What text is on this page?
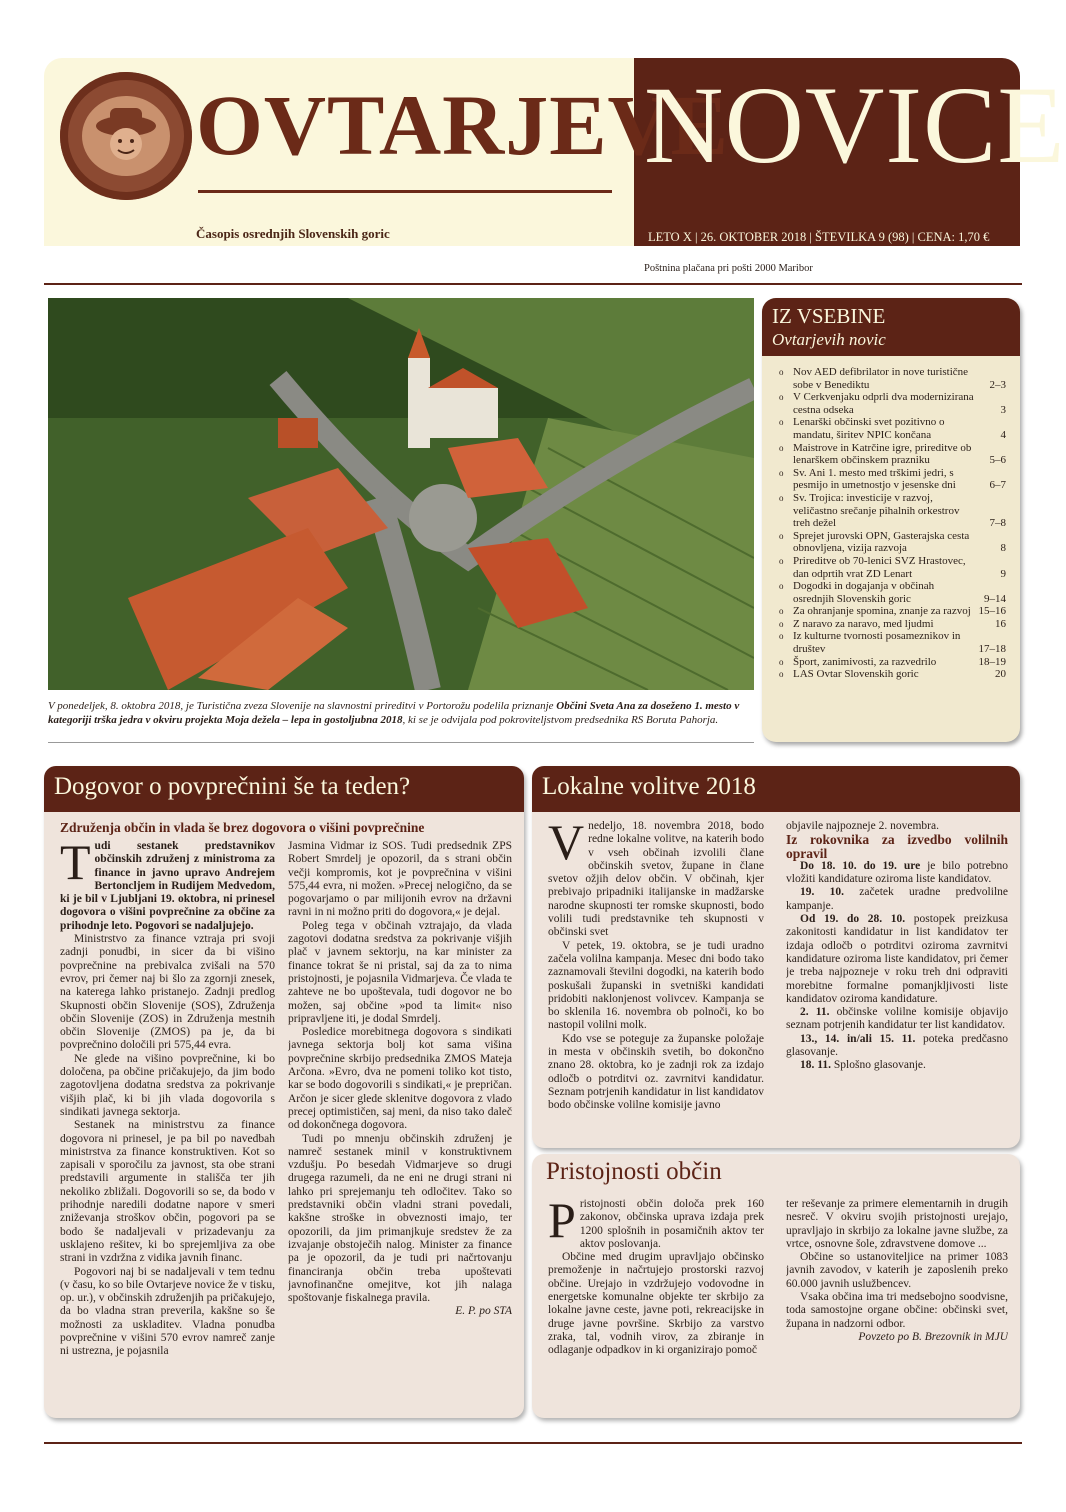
OVTARJEVE
Časopis osrednjih Slovenskih goric
NOVICE
LETO X | 26. OKTOBER 2018 | ŠTEVILKA 9 (98) | CENA: 1,70 €
Poštnina plačana pri pošti 2000 Maribor
V ponedeljek, 8. oktobra 2018, je Turistična zveza Slovenije na slavnostni prireditvi v Portorožu podelila priznanje Občini Sveta Ana za doseženo 1. mesto v kategoriji trška jedra v okviru projekta Moja dežela – lepa in gostoljubna 2018, ki se je odvijala pod pokroviteljstvom predsednika RS Boruta Pahorja.
IZ VSEBINE
Ovtarjevih novic
o Nov AED defibrilator in nove turistične sobe v Benediktu	2–3
o V Cerkvenjaku odprli dva modernizirana cestna odseka	3
o Lenarški občinski svet pozitivno o mandatu, širitev NPIC končana	4
o Maistrove in Katrčine igre, prireditve ob lenarškem občinskem prazniku	5–6
o Sv. Ani 1. mesto med trškimi jedri, s pesmijo in umetnostjo v jesenske dni	6–7
o Sv. Trojica: investicije v razvoj, veličastno srečanje pihalnih orkestrov treh dežel	7–8
o Sprejet jurovski OPN, Gasterajska cesta obnovljena, vizija razvoja	8
o Prireditve ob 70-lenici SVZ Hrastovec, dan odprtih vrat ZD Lenart	9
o Dogodki in dogajanja v občinah osrednjih Slovenskih goric	9–14
o Za ohranjanje spomina, znanje za razvoj 15–16
o Z naravo za naravo, med ljudmi	16
o Iz kulturne tvornosti posameznikov in društev	17–18
o Šport, zanimivosti, za razvedrilo	18–19
o LAS Ovtar Slovenskih goric	20
Dogovor o povprečnini še ta teden?
Združenja občin in vlada še brez dogovora o višini povprečnine

Tudi sestanek predstavnikov občinskih združenj z ministroma za finance in javno upravo Andrejem Bertoncljem in Rudijem Medvedom, ki je bil v Ljubljani 19. oktobra, ni prinesel dogovora o višini povprečnine za občine za prihodnje leto. Pogovori se nadaljujejo.

Ministrstvo za finance vztraja pri svoji zadnji ponudbi, in sicer da bi višino povprečnine na prebivalca zvišali na 570 evrov, pri čemer naj bi šlo za zgornji znesek, na katerega lahko pristanejo. Zadnji predlog Skupnosti občin Slovenije (SOS), Združenja občin Slovenije (ZOS) in Združenja mestnih občin Slovenije (ZMOS) pa je, da bi povprečnino določili pri 575,44 evra.

Ne glede na višino povprečnine, ki bo določena, pa občine pričakujejo, da jim bodo zagotovljena dodatna sredstva za pokrivanje višjih plač, ki bi jih vlada dogovorila s sindikati javnega sektorja.

Sestanek na ministrstvu za finance dogovora ni prinesel, je pa bil po navedbah ministrstva za finance konstruktiven. Kot so zapisali v sporočilu za javnost, sta obe strani predstavili argumente in stališča ter jih nekoliko zbližali. Dogovorili so se, da bodo v prihodnje naredili dodatne napore v smeri zniževanja stroškov občin, pogovori pa se bodo še nadaljevali v prizadevanju za usklajeno rešitev, ki bo sprejemljiva za obe strani in vzdržna z vidika javnih financ.

Pogovori naj bi se nadaljevali v tem tednu (v času, ko so bile Ovtarjeve novice že v tisku, op. ur.), v občinskih združenjih pa pričakujejo, da bo vladna stran preverila, kakšne so še možnosti za uskladitev. Vladna ponudba povprečnine v višini 570 evrov namreč zanje ni ustrezna, je pojasnila

Jasmina Vidmar iz SOS. Tudi predsednik ZPS Robert Smrdelj je opozoril, da s strani občin večji kompromis, kot je povprečnina v višini 575,44 evra, ni možen. »Precej nelogično, da se pogovarjamo o par milijonih evrov na državni ravni in ni možno priti do dogovora,« je dejal.

Poleg tega v občinah vztrajajo, da vlada zagotovi dodatna sredstva za pokrivanje višjih plač v javnem sektorju, na kar minister za finance tokrat še ni pristal, saj da za to nima pristojnosti, je pojasnila Vidmarjeva. Če vlada te zahteve ne bo upoštevala, tudi dogovor ne bo možen, saj občine »pod ta limit« niso pripravljene iti, je dodal Smrdelj.

Posledice morebitnega dogovora s sindikati javnega sektorja bolj kot sama višina povprečnine skrbijo predsednika ZMOS Mateja Arčona. »Evro, dva ne pomeni toliko kot tisto, kar se bodo dogovorili s sindikati,« je prepričan. Arčon je sicer glede sklenitve dogovora z vlado precej optimističen, saj meni, da niso tako daleč od dokončnega dogovora.

Tudi po mnenju občinskih združenj je namreč sestanek minil v konstruktivnem vzdušju. Po besedah Vidmarjeve so drugi drugega razumeli, da ne eni ne drugi strani ni lahko pri sprejemanju teh odločitev. Tako so predstavniki občin vladni strani povedali, kakšne stroške in obveznosti imajo, ter opozorili, da jim primanjkuje sredstev že za izvajanje obstoječih nalog. Minister za finance pa je opozoril, da je tudi pri načrtovanju financiranja občin treba upoštevati javnofinančne omejitve, kot jih nalaga spoštovanje fiskalnega pravila.

E. P. po STA

Lokalne volitve 2018

Vnedeljo, 18. novembra 2018, bodo redne lokalne volitve, na katerih bodo v vseh občinah izvolili člane občinskih svetov, župane in člane svetov ožjih delov občin. V občinah, kjer prebivajo pripadniki italijanske in madžarske narodne skupnosti ter romske skupnosti, bodo volili tudi predstavnike teh skupnosti v občinski svet

V petek, 19. oktobra, se je tudi uradno začela volilna kampanja. Mesec dni bodo tako zaznamovali številni dogodki, na katerih bodo poskušali županski in svetniški kandidati pridobiti naklonjenost volivcev. Kampanja se bo sklenila 16. novembra ob polnoči, ko bo nastopil volilni molk.

Kdo vse se poteguje za županske položaje in mesta v občinskih svetih, bo dokončno znano 28. oktobra, ko je zadnji rok za izdajo odločb o potrditvi oz. zavrnitvi kandidatur. Seznam potrjenih kandidatur in list kandidatov bodo občinske volilne komisije javno

objavile najpozneje 2. novembra.

Iz rokovnika za izvedbo volilnih opravil

Do 18. 10. do 19. ure je bilo potrebno vložiti kandidature oziroma liste kandidatov.

19. 10. začetek uradne predvolilne kampanje.

Od 19. do 28. 10. postopek preizkusa zakonitosti kandidatur in list kandidatov ter izdaja odločb o potrditvi oziroma zavrnitvi kandidature oziroma liste kandidatov, pri čemer je treba najpozneje v roku treh dni odpraviti morebitne formalne pomanjkljivosti liste kandidatov oziroma kandidature.

2. 11. občinske volilne komisije objavijo seznam potrjenih kandidatur ter list kandidatov.

13., 14. in/ali 15. 11. poteka predčasno glasovanje.

18. 11. Splošno glasovanje.

Pristojnosti občin

Pristojnosti občin določa prek 160 zakonov, občinska uprava izdaja prek 1200 splošnih in posamičnih aktov ter aktov poslovanja.

Občine med drugim upravljajo občinsko premoženje in načrtujejo prostorski razvoj občine. Urejajo in vzdržujejo vodovodne in energetske komunalne objekte ter skrbijo za lokalne javne ceste, javne poti, rekreacijske in druge javne površine. Skrbijo za varstvo zraka, tal, vodnih virov, za zbiranje in odlaganje odpadkov in ki organizirajo pomoč

ter reševanje za primere elementarnih in drugih nesreč. V okviru svojih pristojnosti urejajo, upravljajo in skrbijo za lokalne javne službe, za vrtce, osnovne šole, zdravstvene domove ...

Občine so ustanoviteljice na primer 1083 javnih zavodov, v katerih je zaposlenih preko 60.000 javnih uslužbencev.

Vsaka občina ima tri medsebojno soodvisne, toda samostojne organe občine: občinski svet, župana in nadzorni odbor.

Povzeto po B. Brezovnik in MJU
